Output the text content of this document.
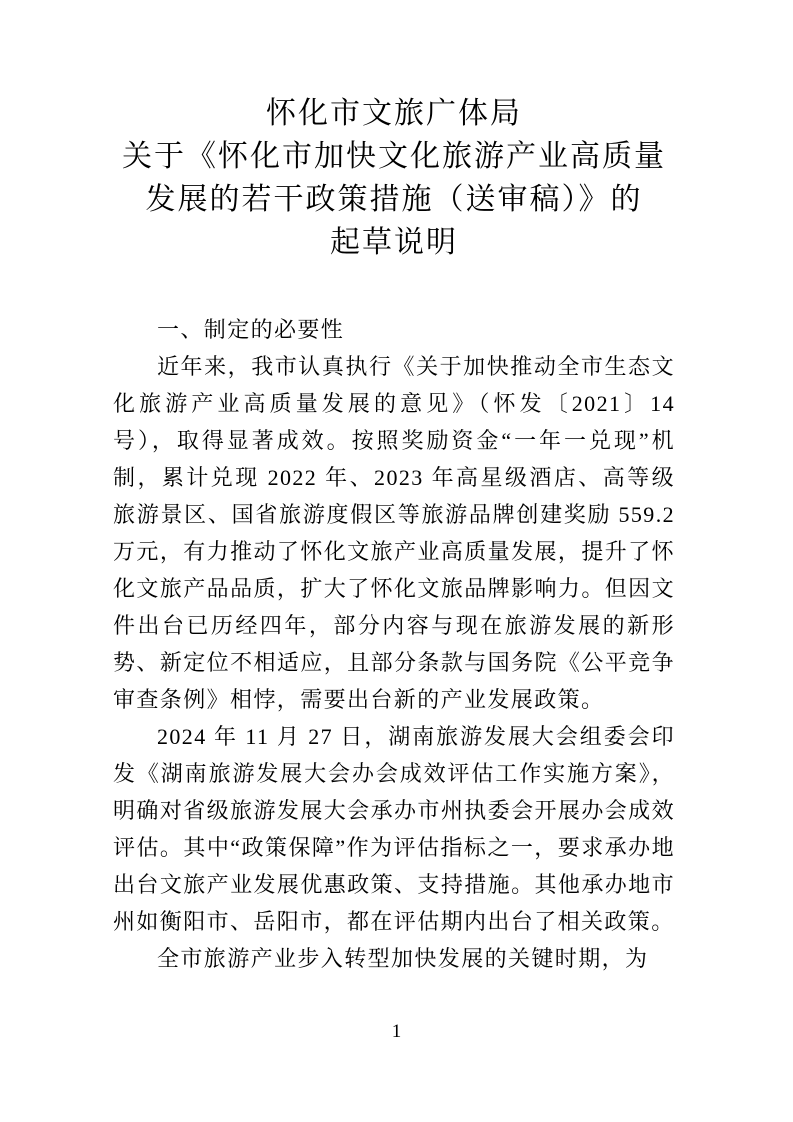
怀化市文旅广体局
关于《怀化市加快文化旅游产业高质量
发展的若干政策措施（送审稿）》的
起草说明

一、制定的必要性

近年来，我市认真执行《关于加快推动全市生态文化旅游产业高质量发展的意见》（怀发〔2021〕14 号），取得显著成效。按照奖励资金“一年一兑现”机制，累计兑现 2022 年、2023 年高星级酒店、高等级旅游景区、国省旅游度假区等旅游品牌创建奖励 559.2 万元，有力推动了怀化文旅产业高质量发展，提升了怀化文旅产品品质，扩大了怀化文旅品牌影响力。但因文件出台已历经四年，部分内容与现在旅游发展的新形势、新定位不相适应，且部分条款与国务院《公平竞争审查条例》相悖，需要出台新的产业发展政策。

2024 年 11 月 27 日，湖南旅游发展大会组委会印发《湖南旅游发展大会办会成效评估工作实施方案》，明确对省级旅游发展大会承办市州执委会开展办会成效评估。其中“政策保障”作为评估指标之一，要求承办地出台文旅产业发展优惠政策、支持措施。其他承办地市州如衡阳市、岳阳市，都在评估期内出台了相关政策。

全市旅游产业步入转型加快发展的关键时期，为

1
